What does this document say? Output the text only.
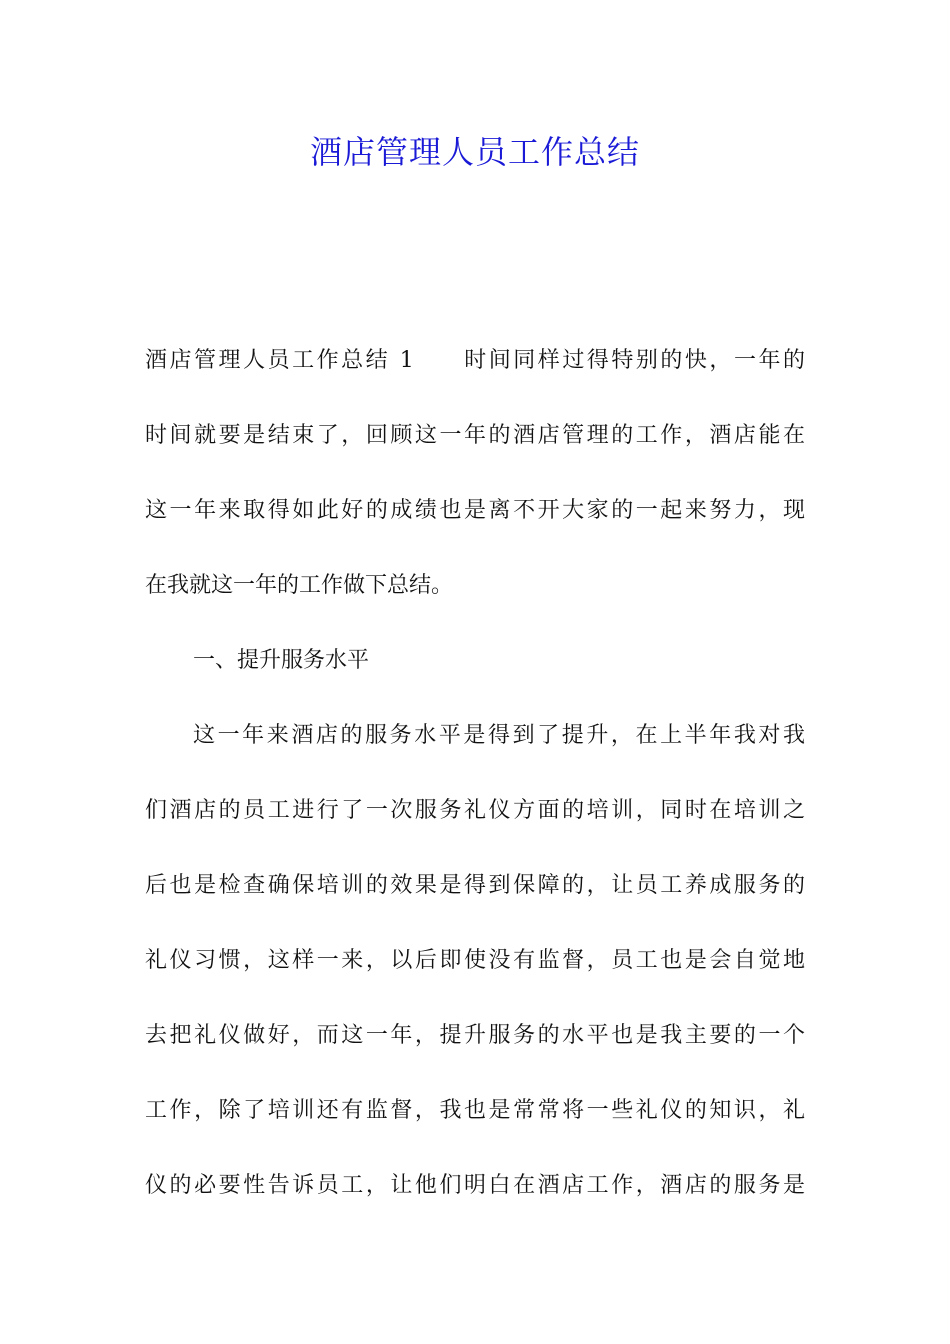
酒店管理人员工作总结
酒店管理人员工作总结 1 时间同样过得特别的快，一年的
时间就要是结束了，回顾这一年的酒店管理的工作，酒店能在
这一年来取得如此好的成绩也是离不开大家的一起来努力，现
在我就这一年的工作做下总结。
一、提升服务水平
这一年来酒店的服务水平是得到了提升，在上半年我对我
们酒店的员工进行了一次服务礼仪方面的培训，同时在培训之
后也是检查确保培训的效果是得到保障的，让员工养成服务的
礼仪习惯，这样一来，以后即使没有监督，员工也是会自觉地
去把礼仪做好，而这一年，提升服务的水平也是我主要的一个
工作，除了培训还有监督，我也是常常将一些礼仪的知识，礼
仪的必要性告诉员工，让他们明白在酒店工作，酒店的服务是
